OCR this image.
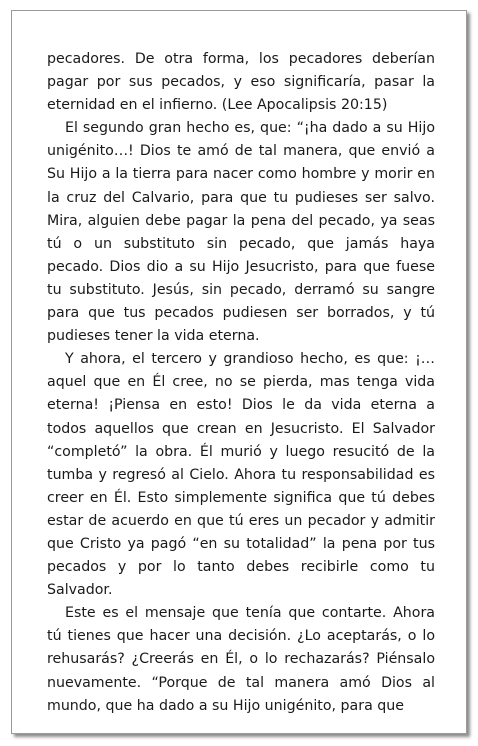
pecadores. De otra forma, los pecadores deberían pagar por sus pecados, y eso significaría, pasar la eternidad en el infierno. (Lee Apocalipsis 20:15)

El segundo gran hecho es, que: “¡ha dado a su Hijo unigénito…! Dios te amó de tal manera, que envió a Su Hijo a la tierra para nacer como hombre y morir en la cruz del Calvario, para que tu pudieses ser salvo. Mira, alguien debe pagar la pena del pecado, ya seas tú o un substituto sin pecado, que jamás haya pecado. Dios dio a su Hijo Jesucristo, para que fuese tu substituto. Jesús, sin pecado, derramó su sangre para que tus pecados pudiesen ser borrados, y tú pudieses tener la vida eterna.

Y ahora, el tercero y grandioso hecho, es que: ¡…aquel que en Él cree, no se pierda, mas tenga vida eterna! ¡Piensa en esto! Dios le da vida eterna a todos aquellos que crean en Jesucristo. El Salvador “completó” la obra. Él murió y luego resucitó de la tumba y regresó al Cielo. Ahora tu responsabilidad es creer en Él. Esto simplemente significa que tú debes estar de acuerdo en que tú eres un pecador y admitir que Cristo ya pagó “en su totalidad” la pena por tus pecados y por lo tanto debes recibirle como tu Salvador.

Este es el mensaje que tenía que contarte. Ahora tú tienes que hacer una decisión. ¿Lo aceptarás, o lo rehusarás? ¿Creerás en Él, o lo rechazarás? Piénsalo nuevamente. “Porque de tal manera amó Dios al mundo, que ha dado a su Hijo unigénito, para que
